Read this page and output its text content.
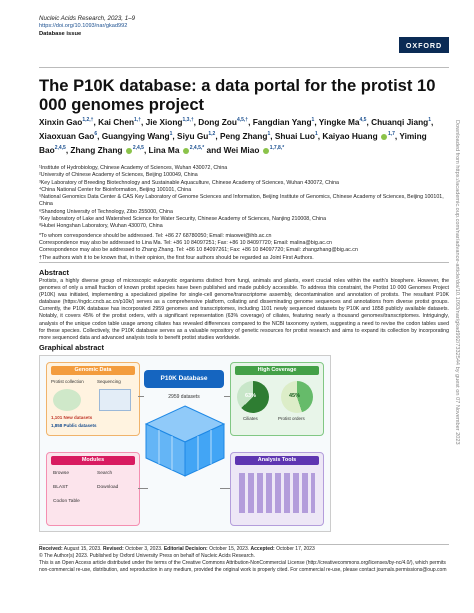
Nucleic Acids Research, 2023, 1–9
https://doi.org/10.1093/nar/gkad992
Database issue
OXFORD
The P10K database: a data portal for the protist 10 000 genomes project
Xinxin Gao$^{1,2,\dagger}$, Kai Chen$^{1,\dagger}$, Jie Xiong$^{1,3,\dagger}$, Dong Zou$^{4,5,\dagger}$, Fangdian Yang$^1$, Yingke Ma$^{4,5}$, Chuanqi Jiang$^1$, Xiaoxuan Gao$^6$, Guangying Wang$^1$, Siyu Gu$^{1,2}$, Peng Zhang$^1$, Shuai Luo$^1$, Kaiyao Huang $^{1,7}$, Yiming Bao$^{2,4,5}$, Zhang Zhang $^{2,4,5}$, Lina Ma $^{2,4,5,*}$ and Wei Miao $^{1,7,8,*}$
¹Institute of Hydrobiology, Chinese Academy of Sciences, Wuhan 430072, China
²University of Chinese Academy of Sciences, Beijing 100049, China
³Key Laboratory of Breeding Biotechnology and Sustainable Aquaculture, Chinese Academy of Sciences, Wuhan 430072, China
⁴China National Center for Bioinformation, Beijing 100101, China
⁵National Genomics Data Center & CAS Key Laboratory of Genome Sciences and Information, Beijing Institute of Genomics, Chinese Academy of Sciences, Beijing 100101, China
⁶Shandong University of Technology, Zibo 255000, China
⁷Key laboratory of Lake and Watershed Science for Water Security, Chinese Academy of Sciences, Nanjing 210008, China
⁸Hubei Hongshan Laboratory, Wuhan 430070, China
*To whom correspondence should be addressed. Tel: +86 27 68780050; Email: miaowei@ihb.ac.cn
Correspondence may also be addressed to Lina Ma. Tel: +86 10 84097251; Fax: +86 10 84097720; Email: malina@big.ac.cn
Correspondence may also be addressed to Zhang Zhang. Tel: +86 10 84097261; Fax: +86 10 84097720; Email: zhangzhang@big.ac.cn
†The authors wish it to be known that, in their opinion, the first four authors should be regarded as Joint First Authors.
Abstract
Protists, a highly diverse group of microscopic eukaryotic organisms distinct from fungi, animals and plants, exert crucial roles within the earth's biosphere. However, the genomes of only a small fraction of known protist species have been published and made publicly accessible. To address this constraint, the Protist 10 000 Genomes Project (P10K) was initiated, implementing a specialized pipeline for single-cell genome/transcriptome assembly, decontamination and annotation of protists. The resultant P10K database (https://ngdc.cncb.ac.cn/p10k/) serves as a comprehensive platform, collating and disseminating genome sequences and annotations from diverse protist groups. Currently, the P10K database has incorporated 2959 genomes and transcriptomes, including 1101 newly sequenced datasets by P10K and 1858 publicly available datasets. Notably, it covers 45% of the protist orders, with a significant representation (63% coverage) of ciliates, featuring nearly a thousand genomes/transcriptomes. Intriguingly, analysis of the unique codon table usage among ciliates has revealed differences compared to the NCBI taxonomy system, suggesting a need to revise the codon tables used for these species. Collectively, the P10K database serves as a valuable repository of genetic resources for protist research and aims to expand its collection by incorporating more sequenced data and advanced analysis tools to benefit protist studies worldwide.
Graphical abstract
Genomic Data
Protist collection	Sequencing
1,101 New datasets
1,858 Public datasets
High Coverage
Ciliates
63%
Protist orders
45%
P10K Database
2959 datasets
Modules
Browse	Search
BLAST	Download
Codon Table
Analysis Tools
Received: August 15, 2023. Revised: October 3, 2023. Editorial Decision: October 15, 2023. Accepted: October 17, 2023
© The Author(s) 2023. Published by Oxford University Press on behalf of Nucleic Acids Research.
This is an Open Access article distributed under the terms of the Creative Commons Attribution-NonCommercial License (http://creativecommons.org/licenses/by-nc/4.0/), which permits non-commercial re-use, distribution, and reproduction in any medium, provided the original work is properly cited. For commercial re-use, please contact journals.permissions@oup.com
Downloaded from https://academic.oup.com/nar/advance-article/doi/10.1093/nar/gkad992/7332544 by guest on 07 November 2023
